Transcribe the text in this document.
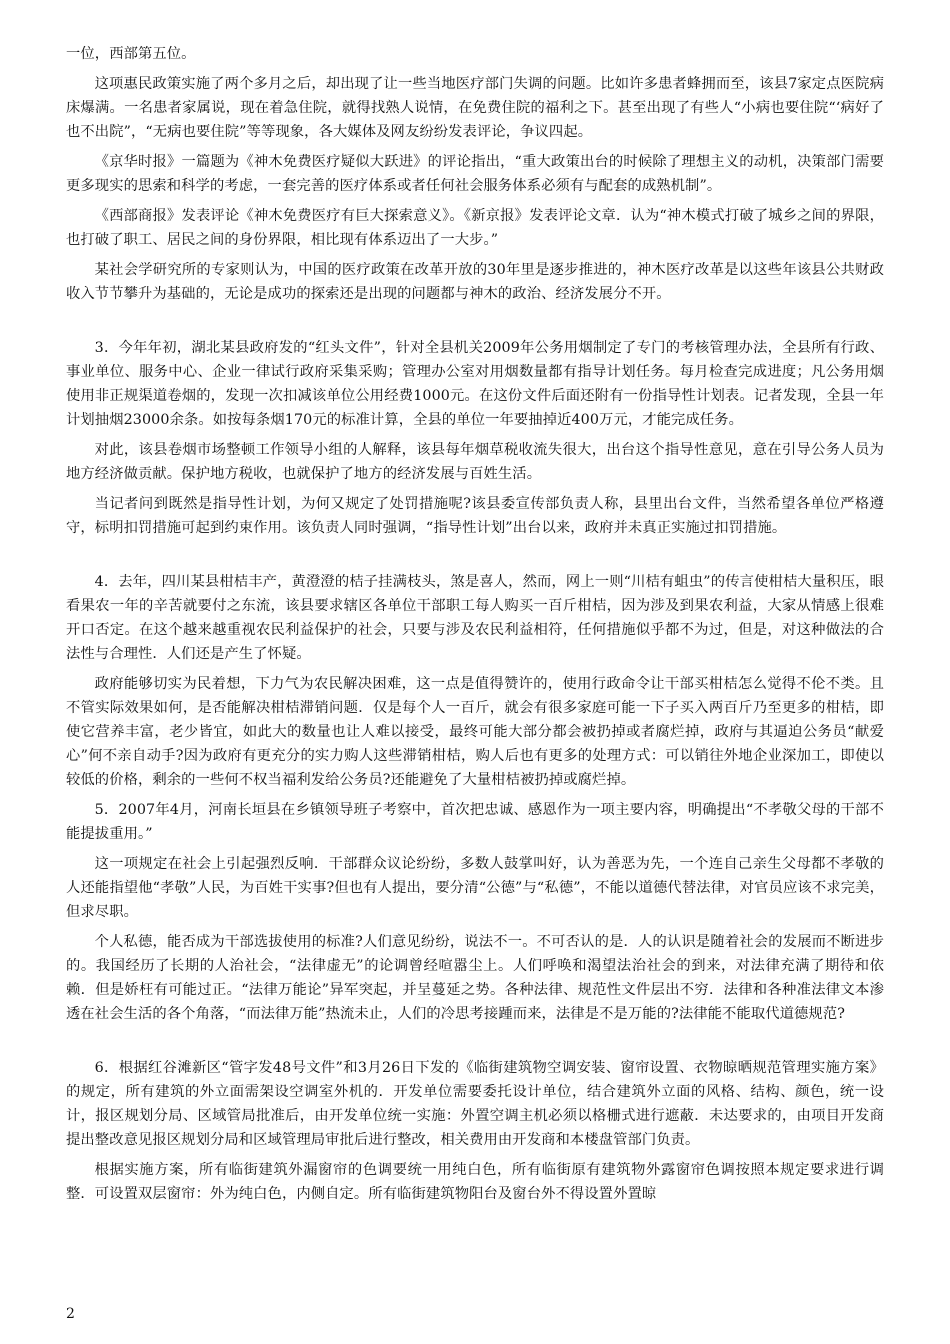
一位，西部第五位。

这项惠民政策实施了两个多月之后，却出现了让一些当地医疗部门失调的问题。比如许多患者蜂拥而至，该县7家定点医院病床爆满。一名患者家属说，现在着急住院，就得找熟人说情，在免费住院的福利之下。甚至出现了有些人“小病也要住院“‘病好了也不出院”，“无病也要住院”等等现象，各大媒体及网友纷纷发表评论，争议四起。

《京华时报》一篇题为《神木免费医疗疑似大跃进》的评论指出，“重大政策出台的时候除了理想主义的动机，决策部门需要更多现实的思索和科学的考虑，一套完善的医疗体系或者任何社会服务体系必须有与配套的成熟机制”。

《西部商报》发表评论《神木免费医疗有巨大探索意义》。《新京报》发表评论文章．认为“神木模式打破了城乡之间的界限，也打破了职工、居民之间的身份界限，相比现有体系迈出了一大步。”

某社会学研究所的专家则认为，中国的医疗政策在改革开放的30年里是逐步推进的，神木医疗改革是以这些年该县公共财政收入节节攀升为基础的，无论是成功的探索还是出现的问题都与神木的政治、经济发展分不开。

3．今年年初，湖北某县政府发的“红头文件”，针对全县机关2009年公务用烟制定了专门的考核管理办法，全县所有行政、事业单位、服务中心、企业一律试行政府采集采购；管理办公室对用烟数量都有指导计划任务。每月检查完成进度；凡公务用烟使用非正规渠道卷烟的，发现一次扣减该单位公用经费1000元。在这份文件后面还附有一份指导性计划表。记者发现，全县一年计划抽烟23000余条。如按每条烟170元的标准计算，全县的单位一年要抽掉近400万元，才能完成任务。

对此，该县卷烟市场整顿工作领导小组的人解释，该县每年烟草税收流失很大，出台这个指导性意见，意在引导公务人员为地方经济做贡献。保护地方税收，也就保护了地方的经济发展与百姓生活。

当记者问到既然是指导性计划，为何又规定了处罚措施呢?该县委宣传部负责人称，县里出台文件，当然希望各单位严格遵守，标明扣罚措施可起到约束作用。该负责人同时强调，“指导性计划”出台以来，政府并未真正实施过扣罚措施。

4．去年，四川某县柑桔丰产，黄澄澄的桔子挂满枝头，煞是喜人，然而，网上一则“川桔有蛆虫”的传言使柑桔大量积压，眼看果农一年的辛苦就要付之东流，该县要求辖区各单位干部职工每人购买一百斤柑桔，因为涉及到果农利益，大家从情感上很难开口否定。在这个越来越重视农民利益保护的社会，只要与涉及农民利益相符，任何措施似乎都不为过，但是，对这种做法的合法性与合理性．人们还是产生了怀疑。

政府能够切实为民着想，下力气为农民解决困难，这一点是值得赞许的，使用行政命令让干部买柑桔怎么觉得不伦不类。且不管实际效果如何，是否能解决柑桔滞销问题．仅是每个人一百斤，就会有很多家庭可能一下子买入两百斤乃至更多的柑桔，即使它营养丰富，老少皆宜，如此大的数量也让人难以接受，最终可能大部分都会被扔掉或者腐烂掉，政府与其逼迫公务员“献爱心”何不亲自动手?因为政府有更充分的实力购人这些滞销柑桔，购人后也有更多的处理方式：可以销往外地企业深加工，即使以较低的价格，剩余的一些何不权当福利发给公务员?还能避免了大量柑桔被扔掉或腐烂掉。

5．2007年4月，河南长垣县在乡镇领导班子考察中，首次把忠诚、感恩作为一项主要内容，明确提出“不孝敬父母的干部不能提拔重用。”

这一项规定在社会上引起强烈反响．干部群众议论纷纷，多数人鼓掌叫好，认为善恶为先，一个连自己亲生父母都不孝敬的人还能指望他“孝敬”人民，为百姓干实事?但也有人提出，要分清“公德”与“私德”，不能以道德代替法律，对官员应该不求完美，但求尽职。

个人私德，能否成为干部选拔使用的标准?人们意见纷纷，说法不一。不可否认的是．人的认识是随着社会的发展而不断进步的。我国经历了长期的人治社会，“法律虚无”的论调曾经喧嚣尘上。人们呼唤和渴望法治社会的到来，对法律充满了期待和依赖．但是娇枉有可能过正。“法律万能论”异军突起，并呈蔓延之势。各种法律、规范性文件层出不穷．法律和各种准法律文本渗透在社会生活的各个角落，“而法律万能”热流未止，人们的冷思考接踵而来，法律是不是万能的?法律能不能取代道德规范?

6．根据红谷滩新区“管字发48号文件”和3月26日下发的《临街建筑物空调安装、窗帘设置、衣物晾晒规范管理实施方案》的规定，所有建筑的外立面需架设空调室外机的．开发单位需要委托设计单位，结合建筑外立面的风格、结构、颜色，统一设计，报区规划分局、区域管局批准后，由开发单位统一实施：外置空调主机必须以格栅式进行遮蔽．未达要求的，由项目开发商提出整改意见报区规划分局和区域管理局审批后进行整改，相关费用由开发商和本楼盘管部门负责。

根据实施方案，所有临街建筑外漏窗帘的色调要统一用纯白色，所有临街原有建筑物外露窗帘色调按照本规定要求进行调整．可设置双层窗帘：外为纯白色，内侧自定。所有临街建筑物阳台及窗台外不得设置外置晾

2
